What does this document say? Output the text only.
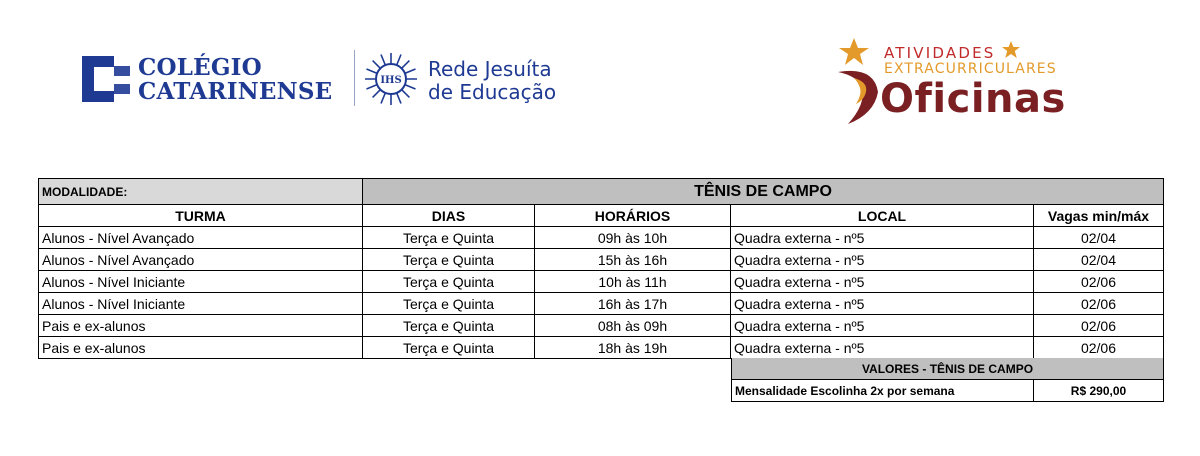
COLÉGIO
CATARINENSE	IHS Rede Jesuíta
de Educação
ATIVIDADES
EXTRACURRICULARES
Oficinas
MODALIDADE:	TÊNIS DE CAMPO
TURMA	DIAS	HORÁRIOS	LOCAL	Vagas min/máx
Alunos - Nível Avançado	Terça e Quinta	09h às 10h	Quadra externa - nº5	02/04
Alunos - Nível Avançado	Terça e Quinta	15h às 16h	Quadra externa - nº5	02/04
Alunos - Nível Iniciante	Terça e Quinta	10h às 11h	Quadra externa - nº5	02/06
Alunos - Nível Iniciante	Terça e Quinta	16h às 17h	Quadra externa - nº5	02/06
Pais e ex-alunos	Terça e Quinta	08h às 09h	Quadra externa - nº5	02/06
Pais e ex-alunos	Terça e Quinta	18h às 19h	Quadra externa - nº5	02/06
VALORES - TÊNIS DE CAMPO
Mensalidade Escolinha 2x por semana	R$ 290,00
